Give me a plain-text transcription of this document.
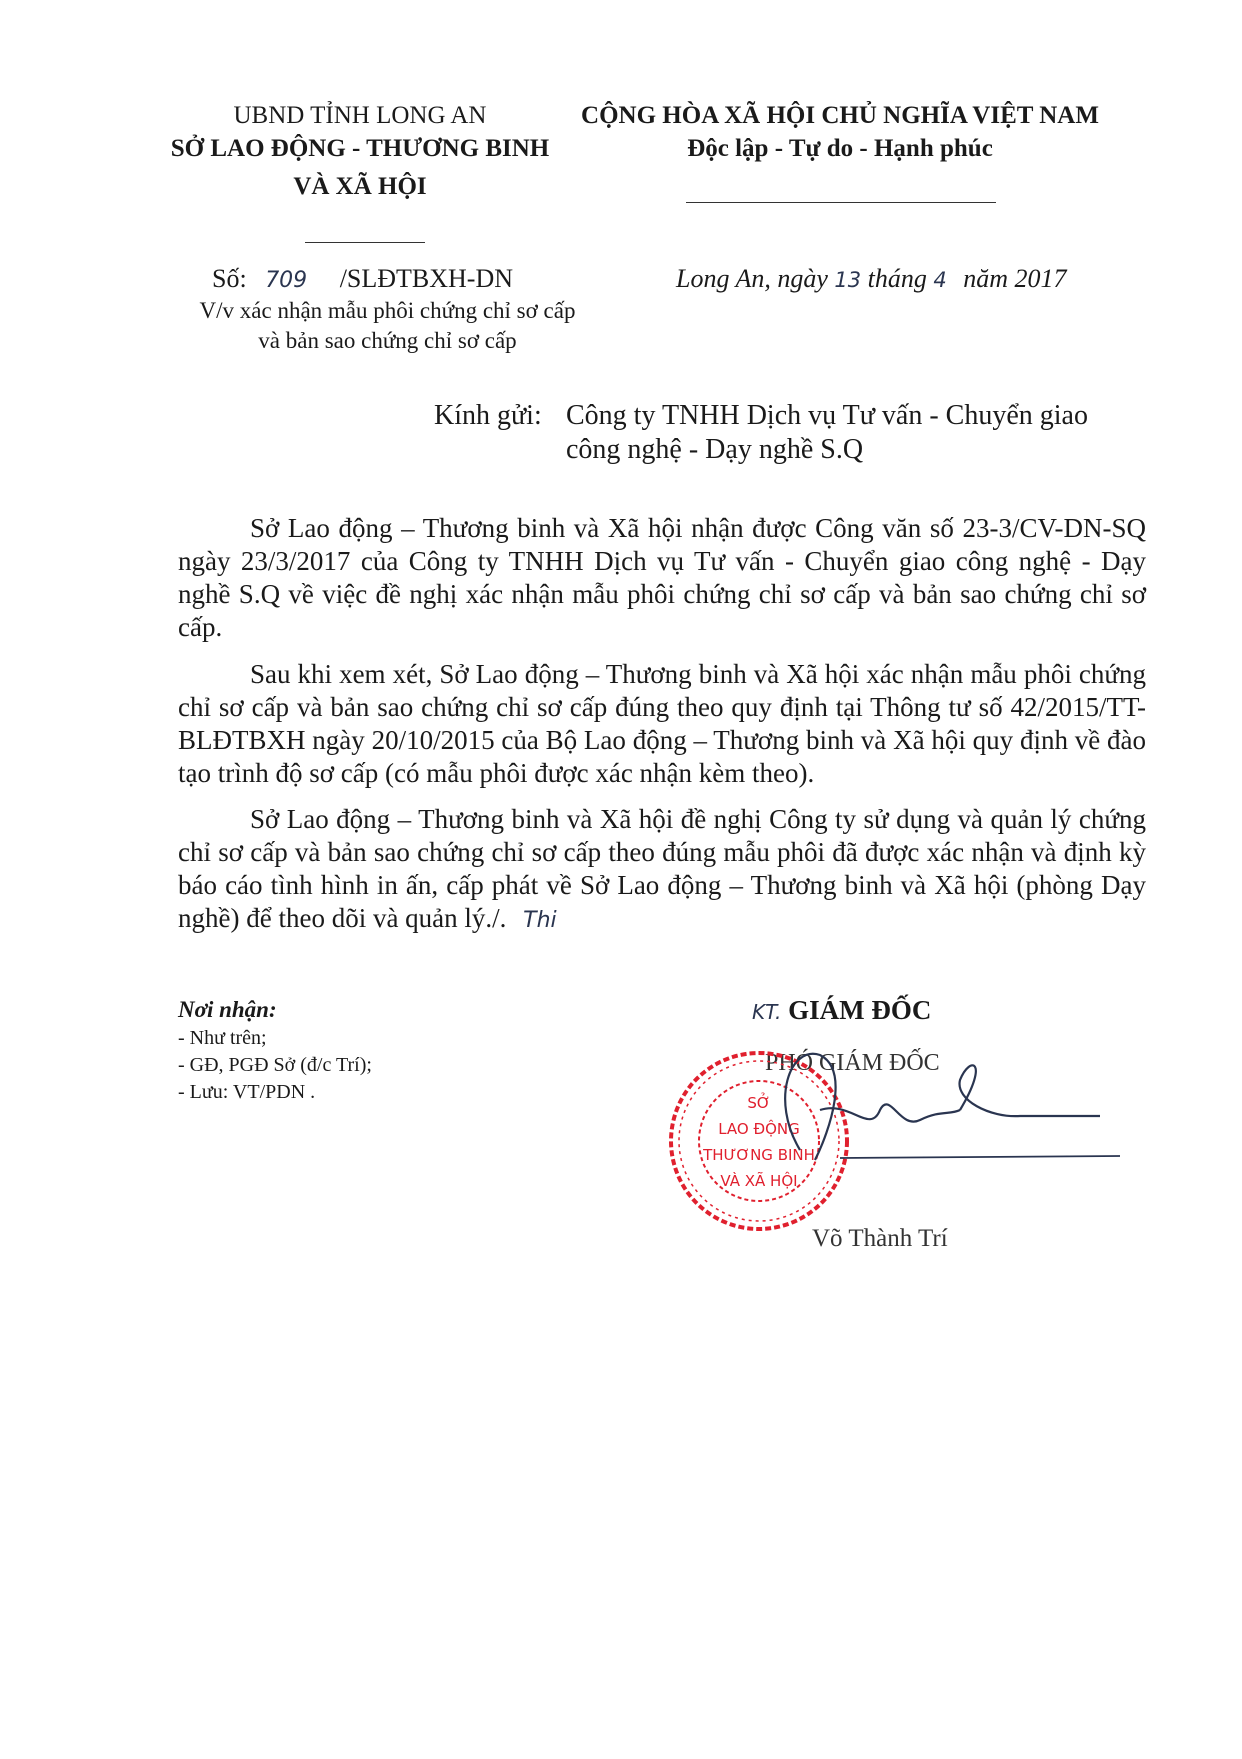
UBND TỈNH LONG AN
SỞ LAO ĐỘNG - THƯƠNG BINH
VÀ XÃ HỘI
CỘNG HÒA XÃ HỘI CHỦ NGHĨA VIỆT NAM
Độc lập - Tự do - Hạnh phúc
Số: 709 /SLĐTBXH-DN
V/v xác nhận mẫu phôi chứng chỉ sơ cấp
và bản sao chứng chỉ sơ cấp
Long An, ngày 13 tháng 4 năm 2017
Kính gửi: Công ty TNHH Dịch vụ Tư vấn - Chuyển giao
công nghệ - Dạy nghề S.Q
Sở Lao động – Thương binh và Xã hội nhận được Công văn số 23-3/CV-DN-SQ ngày 23/3/2017 của Công ty TNHH Dịch vụ Tư vấn - Chuyển giao công nghệ - Dạy nghề S.Q về việc đề nghị xác nhận mẫu phôi chứng chỉ sơ cấp và bản sao chứng chỉ sơ cấp.
Sau khi xem xét, Sở Lao động – Thương binh và Xã hội xác nhận mẫu phôi chứng chỉ sơ cấp và bản sao chứng chỉ sơ cấp đúng theo quy định tại Thông tư số 42/2015/TT-BLĐTBXH ngày 20/10/2015 của Bộ Lao động – Thương binh và Xã hội quy định về đào tạo trình độ sơ cấp (có mẫu phôi được xác nhận kèm theo).
Sở Lao động – Thương binh và Xã hội đề nghị Công ty sử dụng và quản lý chứng chỉ sơ cấp và bản sao chứng chỉ sơ cấp theo đúng mẫu phôi đã được xác nhận và định kỳ báo cáo tình hình in ấn, cấp phát về Sở Lao động – Thương binh và Xã hội (phòng Dạy nghề) để theo dõi và quản lý./. Thi

Nơi nhận:

- Như trên;

- GĐ, PGĐ Sở (đ/c Trí);

- Lưu: VT/PDN .

KT. GIÁM ĐỐC
PHÓ GIÁM ĐỐC
SỞ
LAO ĐỘNG
THƯƠNG BINH
VÀ XÃ HỘI
Võ Thành Trí
